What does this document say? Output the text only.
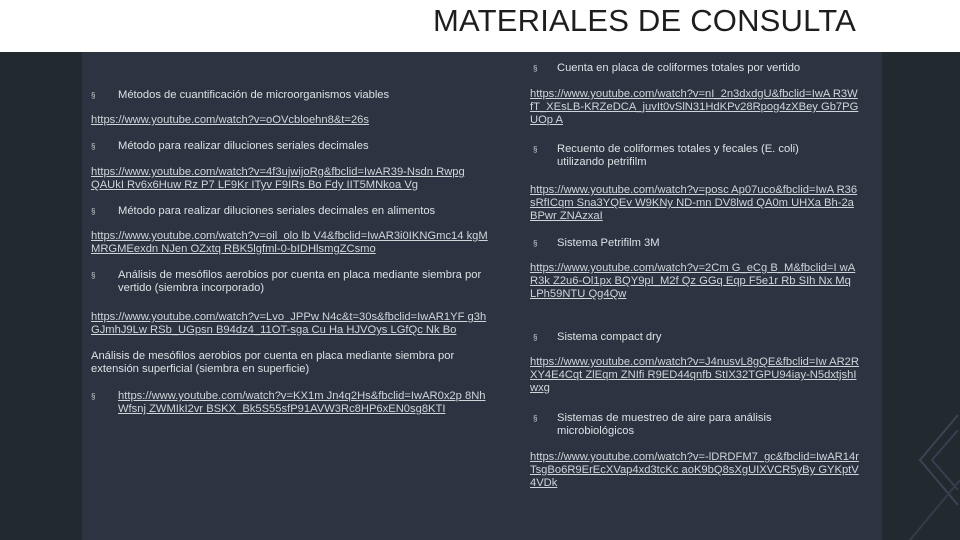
MATERIALES DE CONSULTA
§ Métodos de cuantificación de microorganismos viables
https://www.youtube.com/watch?v=oOVcbloehn8&t=26s
§ Método para realizar diluciones seriales decimales
https://www.youtube.com/watch?v=4f3ujwijoRg&fbclid=IwAR39-Nsdn Rwpg QAUkI Rv6x6Huw Rz P7 LF9Kr ITyv F9IRs Bo Fdy IIT5MNkoa Vg
§ Método para realizar diluciones seriales decimales en alimentos
https://www.youtube.com/watch?v=oil_olo lb V4&fbclid=IwAR3i0IKNGmc14 kgMMRGMEexdn NJen OZxtq RBK5lgfml-0-bIDHlsmgZCsmo
§ Análisis de mesófilos aerobios por cuenta en placa mediante siembra por vertido (siembra incorporado)
https://www.youtube.com/watch?v=Lvo_JPPw N4c&t=30s&fbclid=IwAR1YF g3hGJmhJ9Lw RSb_UGpsn B94dz4_11OT-sga Cu Ha HJVOys LGfQc Nk Bo
Análisis de mesófilos aerobios por cuenta en placa mediante siembra por extensión superficial (siembra en superficie)
§ https://www.youtube.com/watch?v=KX1m Jn4q2Hs&fbclid=IwAR0x2p 8Nh Wfsnj ZWMIkI2vr BSKX_Bk5S55sfP91AVW3Rc8HP6xEN0sg8KTI
§ Cuenta en placa de coliformes totales por vertido
https://www.youtube.com/watch?v=nI_2n3dxdgU&fbclid=IwA R3WfT_XEsLB-KRZeDCA_juvIt0vSlN31HdKPv28Rpog4zXBey Gb7PGUOp A
§ Recuento de coliformes totales y fecales (E. coli) utilizando petrifilm
https://www.youtube.com/watch?v=posc Ap07uco&fbclid=IwA R36sRfICqm Sna3YQEv W9KNy ND-mn DV8lwd QA0m UHXa Bh-2a BPwr ZNAzxaI
§ Sistema Petrifilm 3M
https://www.youtube.com/watch?v=2Cm G_eCg B_M&fbclid=I wAR3k Z2u6-Ol1px BQY9pI_M2f Qz GGq Eqp F5e1r Rb SIh Nx Mq LPh59NTU Qg4Qw
§ Sistema compact dry
https://www.youtube.com/watch?v=J4nusvL8gQE&fbclid=Iw AR2RXY4E4Cqt ZlEqm ZNIfi R9ED44qnfb StIX32TGPU94iay-N5dxtjshIwxg
§ Sistemas de muestreo de aire para análisis microbiológicos
https://www.youtube.com/watch?v=-lDRDFM7_gc&fbclid=IwAR14rTsgBo6R9ErEcXVap4xd3tcKc aoK9bQ8sXgUIXVCR5yBy GYKptV4VDk
